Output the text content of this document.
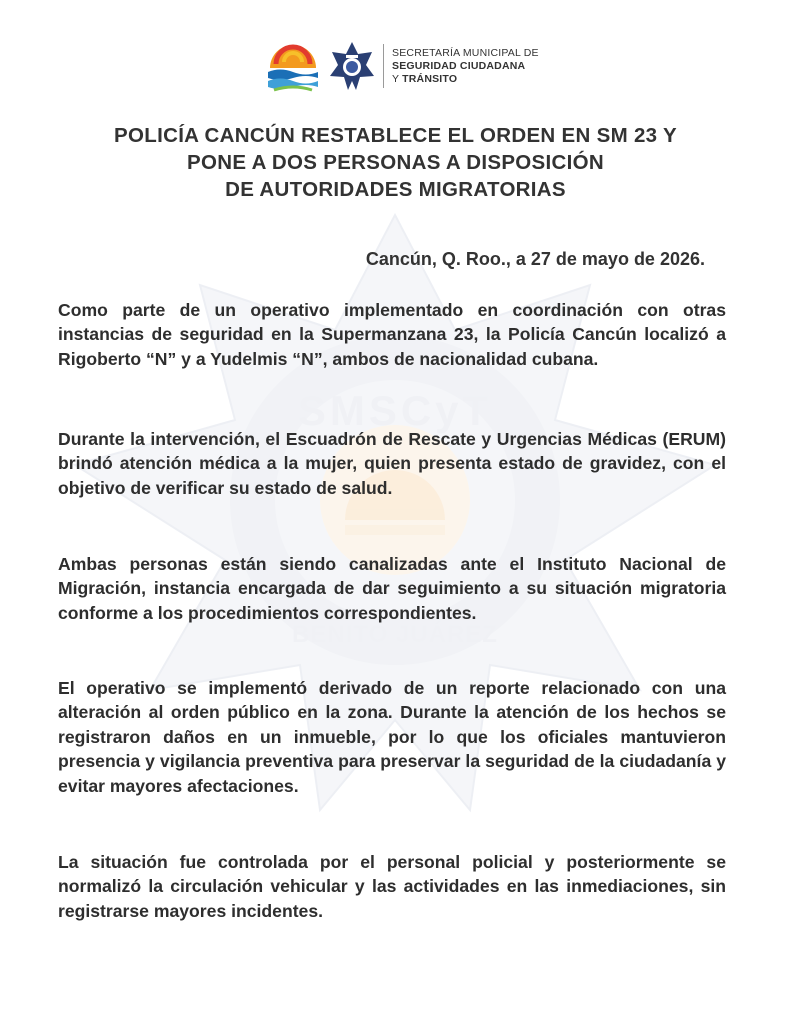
SMSCyT
BENITO JUÁREZ
SECRETARÍA MUNICIPAL DE
SEGURIDAD CIUDADANA
Y TRÁNSITO
POLICÍA CANCÚN RESTABLECE EL ORDEN EN SM 23 Y
PONE A DOS PERSONAS A DISPOSICIÓN
DE AUTORIDADES MIGRATORIAS
Cancún, Q. Roo., a 27 de mayo de 2026.

Como parte de un operativo implementado en coordinación con otras instancias de seguridad en la Supermanzana 23, la Policía Cancún localizó a Rigoberto “N” y a Yudelmis “N”, ambos de nacionalidad cubana.

Durante la intervención, el Escuadrón de Rescate y Urgencias Médicas (ERUM) brindó atención médica a la mujer, quien presenta estado de gravidez, con el objetivo de verificar su estado de salud.

Ambas personas están siendo canalizadas ante el Instituto Nacional de Migración, instancia encargada de dar seguimiento a su situación migratoria conforme a los procedimientos correspondientes.

El operativo se implementó derivado de un reporte relacionado con una alteración al orden público en la zona. Durante la atención de los hechos se registraron daños en un inmueble, por lo que los oficiales mantuvieron presencia y vigilancia preventiva para preservar la seguridad de la ciudadanía y evitar mayores afectaciones.

La situación fue controlada por el personal policial y posteriormente se normalizó la circulación vehicular y las actividades en las inmediaciones, sin registrarse mayores incidentes.
